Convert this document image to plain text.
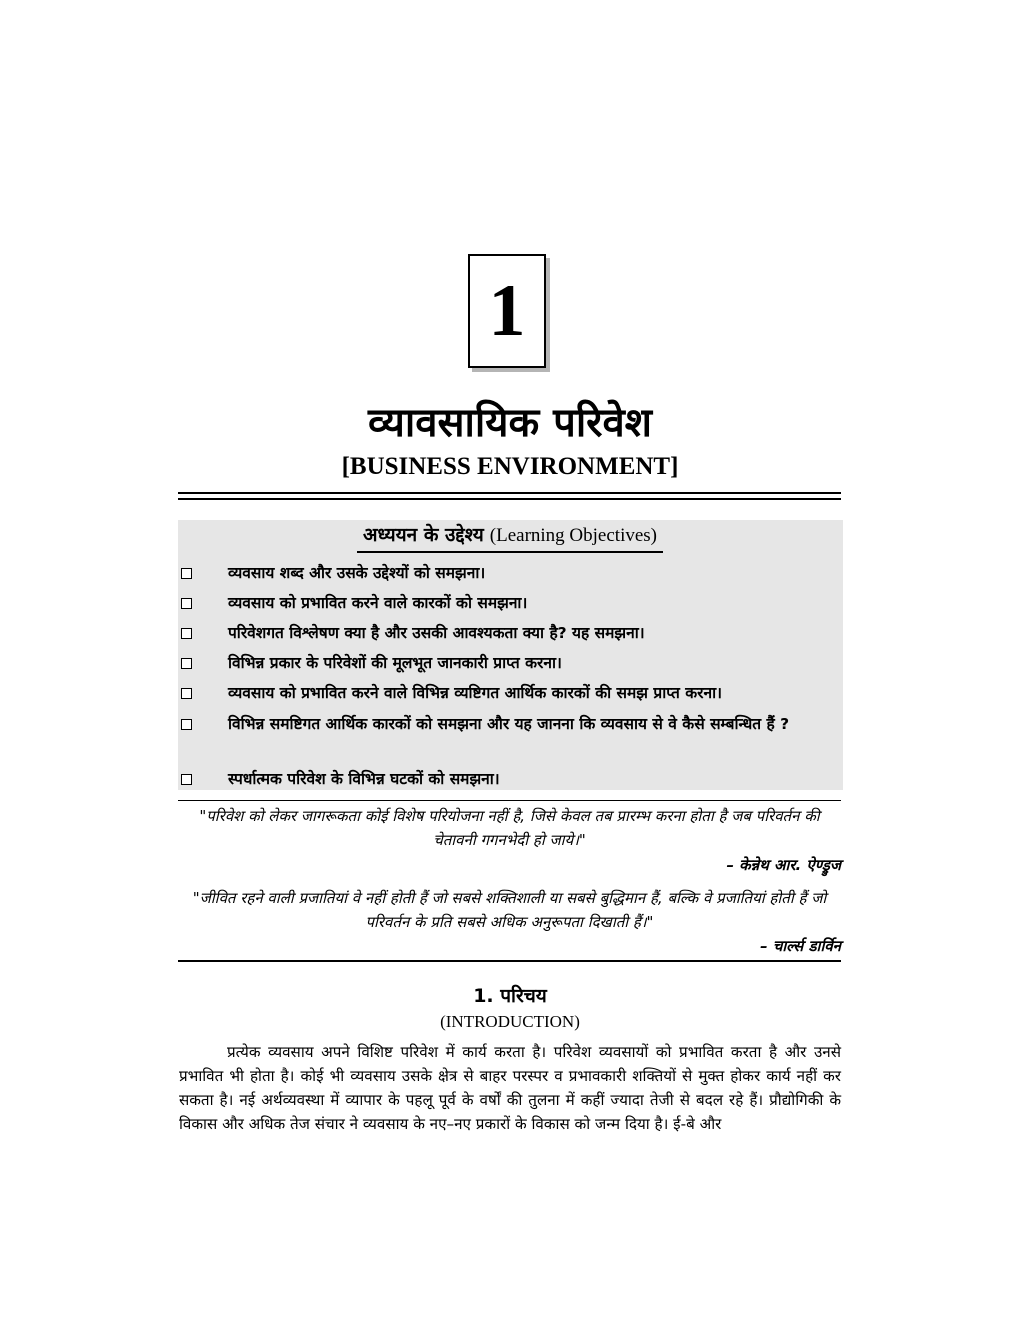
1
व्यावसायिक परिवेश
[BUSINESS ENVIRONMENT]
अध्ययन के उद्देश्य (Learning Objectives)
व्यवसाय शब्द और उसके उद्देश्यों को समझना।
व्यवसाय को प्रभावित करने वाले कारकों को समझना।
परिवेशगत विश्लेषण क्या है और उसकी आवश्यकता क्या है? यह समझना।
विभिन्न प्रकार के परिवेशों की मूलभूत जानकारी प्राप्त करना।
व्यवसाय को प्रभावित करने वाले विभिन्न व्यष्टिगत आर्थिक कारकों की समझ प्राप्त करना।
विभिन्न समष्टिगत आर्थिक कारकों को समझना और यह जानना कि व्यवसाय से वे कैसे सम्बन्धित हैं ?
स्पर्धात्मक परिवेश के विभिन्न घटकों को समझना।
"परिवेश को लेकर जागरूकता कोई विशेष परियोजना नहीं है, जिसे केवल तब प्रारम्भ करना होता है जब परिवर्तन की चेतावनी गगनभेदी हो जाये।"
– केन्नेथ आर. ऐण्ड्रुज
"जीवित रहने वाली प्रजातियां वे नहीं होती हैं जो सबसे शक्तिशाली या सबसे बुद्धिमान हैं, बल्कि वे प्रजातियां होती हैं जो परिवर्तन के प्रति सबसे अधिक अनुरूपता दिखाती हैं।"
– चार्ल्स डार्विन
1. परिचय
(INTRODUCTION)
प्रत्येक व्यवसाय अपने विशिष्ट परिवेश में कार्य करता है। परिवेश व्यवसायों को प्रभावित करता है और उनसे प्रभावित भी होता है। कोई भी व्यवसाय उसके क्षेत्र से बाहर परस्पर व प्रभावकारी शक्तियों से मुक्त होकर कार्य नहीं कर सकता है। नई अर्थव्यवस्था में व्यापार के पहलू पूर्व के वर्षों की तुलना में कहीं ज्यादा तेजी से बदल रहे हैं। प्रौद्योगिकी के विकास और अधिक तेज संचार ने व्यवसाय के नए–नए प्रकारों के विकास को जन्म दिया है। ई-बे और
